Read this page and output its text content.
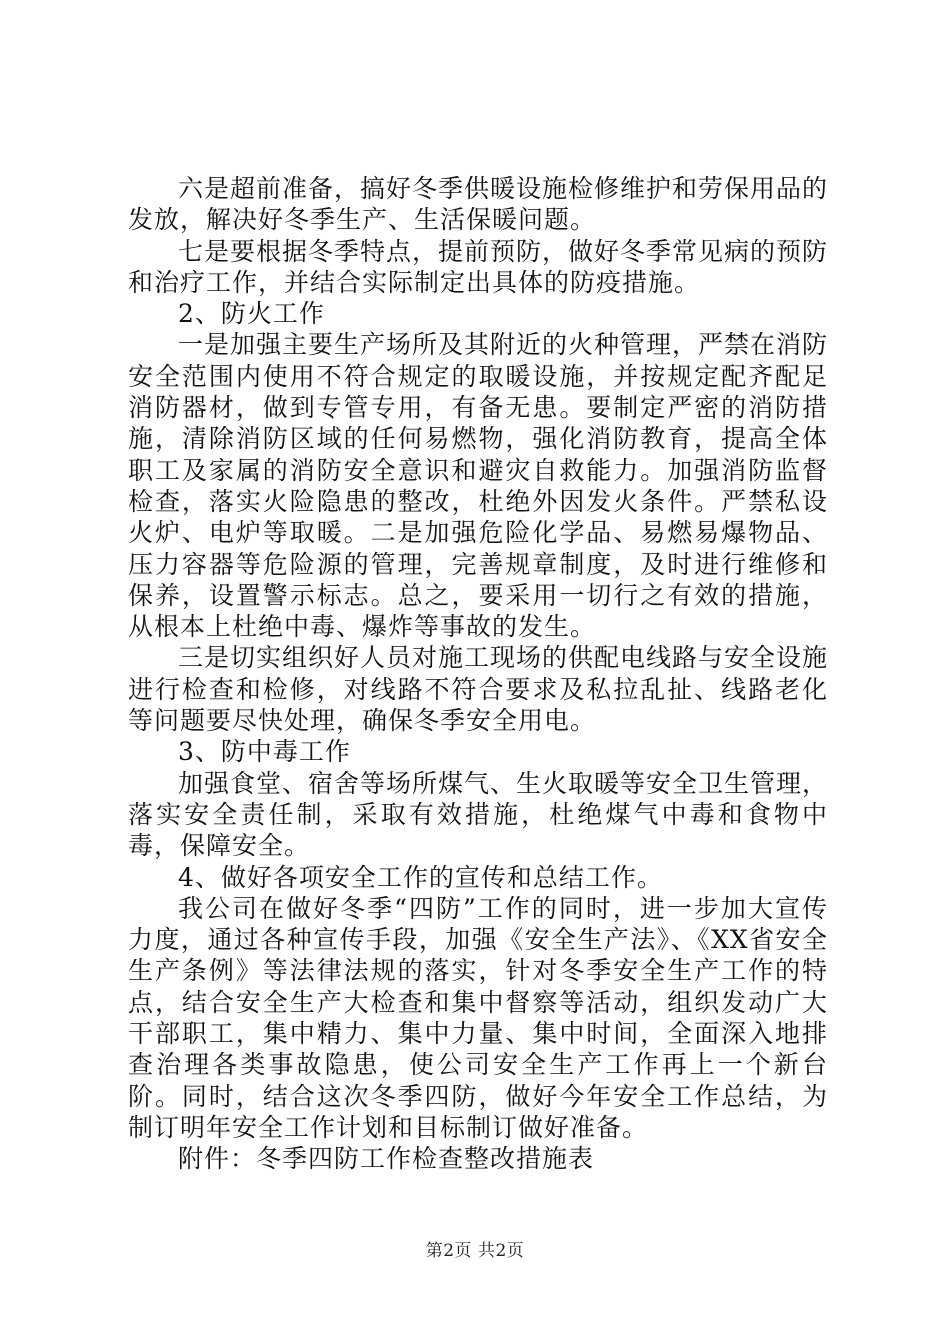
六是超前准备，搞好冬季供暖设施检修维护和劳保用品的发放，解决好冬季生产、生活保暖问题。

七是要根据冬季特点，提前预防，做好冬季常见病的预防和治疗工作，并结合实际制定出具体的防疫措施。

2、防火工作

一是加强主要生产场所及其附近的火种管理，严禁在消防安全范围内使用不符合规定的取暖设施，并按规定配齐配足消防器材，做到专管专用，有备无患。要制定严密的消防措施，清除消防区域的任何易燃物，强化消防教育，提高全体职工及家属的消防安全意识和避灾自救能力。加强消防监督检查，落实火险隐患的整改，杜绝外因发火条件。严禁私设火炉、电炉等取暖。二是加强危险化学品、易燃易爆物品、压力容器等危险源的管理，完善规章制度，及时进行维修和保养，设置警示标志。总之，要采用一切行之有效的措施，从根本上杜绝中毒、爆炸等事故的发生。

三是切实组织好人员对施工现场的供配电线路与安全设施进行检查和检修，对线路不符合要求及私拉乱扯、线路老化等问题要尽快处理，确保冬季安全用电。

3、防中毒工作

加强食堂、宿舍等场所煤气、生火取暖等安全卫生管理，落实安全责任制，采取有效措施，杜绝煤气中毒和食物中毒，保障安全。

4、做好各项安全工作的宣传和总结工作。

我公司在做好冬季“四防”工作的同时，进一步加大宣传力度，通过各种宣传手段，加强《安全生产法》、《XX省安全生产条例》等法律法规的落实，针对冬季安全生产工作的特点，结合安全生产大检查和集中督察等活动，组织发动广大干部职工，集中精力、集中力量、集中时间，全面深入地排查治理各类事故隐患，使公司安全生产工作再上一个新台阶。同时，结合这次冬季四防，做好今年安全工作总结，为制订明年安全工作计划和目标制订做好准备。

附件：冬季四防工作检查整改措施表

第2页 共2页
